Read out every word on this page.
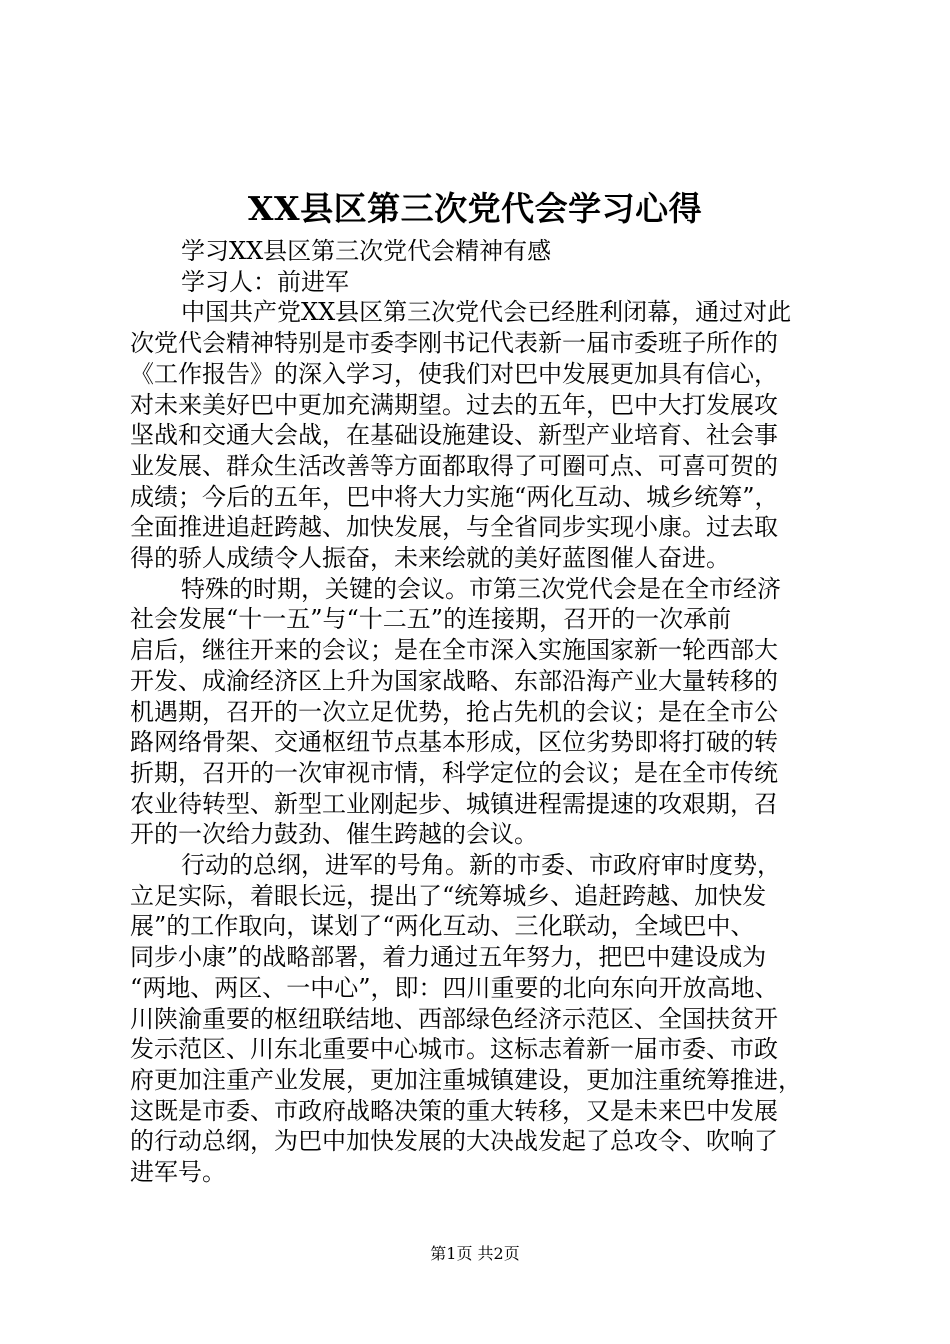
XX县区第三次党代会学习心得
学习XX县区第三次党代会精神有感
学习人：前进军
中国共产党XX县区第三次党代会已经胜利闭幕，通过对此
次党代会精神特别是市委李刚书记代表新一届市委班子所作的
《工作报告》的深入学习，使我们对巴中发展更加具有信心，
对未来美好巴中更加充满期望。过去的五年，巴中大打发展攻
坚战和交通大会战，在基础设施建设、新型产业培育、社会事
业发展、群众生活改善等方面都取得了可圈可点、可喜可贺的
成绩；今后的五年，巴中将大力实施“两化互动、城乡统筹”，
全面推进追赶跨越、加快发展，与全省同步实现小康。过去取
得的骄人成绩令人振奋，未来绘就的美好蓝图催人奋进。
特殊的时期，关键的会议。市第三次党代会是在全市经济
社会发展“十一五”与“十二五”的连接期，召开的一次承前
启后，继往开来的会议；是在全市深入实施国家新一轮西部大
开发、成渝经济区上升为国家战略、东部沿海产业大量转移的
机遇期，召开的一次立足优势，抢占先机的会议；是在全市公
路网络骨架、交通枢纽节点基本形成，区位劣势即将打破的转
折期，召开的一次审视市情，科学定位的会议；是在全市传统
农业待转型、新型工业刚起步、城镇进程需提速的攻艰期，召
开的一次给力鼓劲、催生跨越的会议。
行动的总纲，进军的号角。新的市委、市政府审时度势，
立足实际，着眼长远，提出了“统筹城乡、追赶跨越、加快发
展”的工作取向，谋划了“两化互动、三化联动，全域巴中、
同步小康”的战略部署，着力通过五年努力，把巴中建设成为
“两地、两区、一中心”，即：四川重要的北向东向开放高地、
川陕渝重要的枢纽联结地、西部绿色经济示范区、全国扶贫开
发示范区、川东北重要中心城市。这标志着新一届市委、市政
府更加注重产业发展，更加注重城镇建设，更加注重统筹推进，
这既是市委、市政府战略决策的重大转移，又是未来巴中发展
的行动总纲，为巴中加快发展的大决战发起了总攻令、吹响了
进军号。
第1页 共2页
